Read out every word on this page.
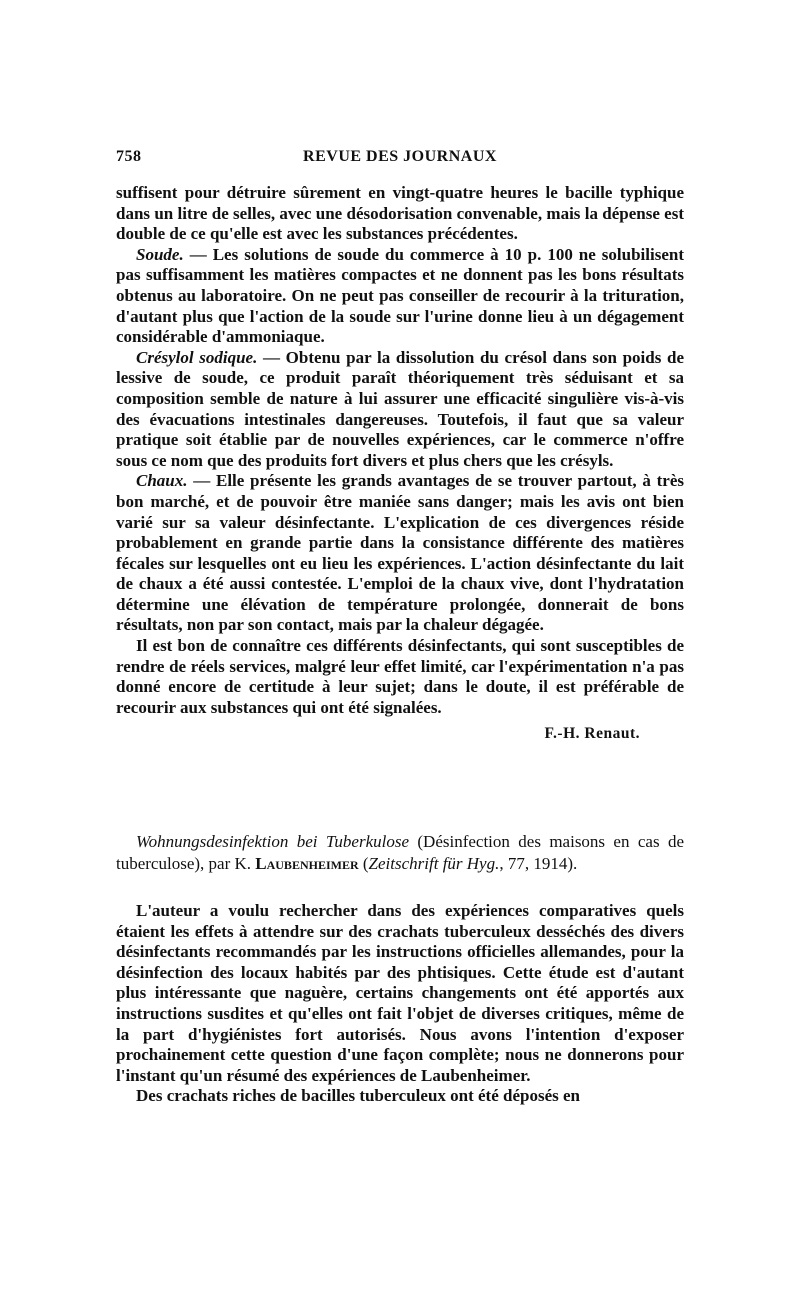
758	REVUE DES JOURNAUX

suffisent pour détruire sûrement en vingt-quatre heures le bacille typhique dans un litre de selles, avec une désodorisation convenable, mais la dépense est double de ce qu'elle est avec les substances précédentes.

Soude. — Les solutions de soude du commerce à 10 p. 100 ne solubilisent pas suffisamment les matières compactes et ne donnent pas les bons résultats obtenus au laboratoire. On ne peut pas conseiller de recourir à la trituration, d'autant plus que l'action de la soude sur l'urine donne lieu à un dégagement considérable d'ammoniaque.

Crésylol sodique. — Obtenu par la dissolution du crésol dans son poids de lessive de soude, ce produit paraît théoriquement très séduisant et sa composition semble de nature à lui assurer une efficacité singulière vis-à-vis des évacuations intestinales dangereuses. Toutefois, il faut que sa valeur pratique soit établie par de nouvelles expériences, car le commerce n'offre sous ce nom que des produits fort divers et plus chers que les crésyls.

Chaux. — Elle présente les grands avantages de se trouver partout, à très bon marché, et de pouvoir être maniée sans danger; mais les avis ont bien varié sur sa valeur désinfectante. L'explication de ces divergences réside probablement en grande partie dans la consistance différente des matières fécales sur lesquelles ont eu lieu les expériences. L'action désinfectante du lait de chaux a été aussi contestée. L'emploi de la chaux vive, dont l'hydratation détermine une élévation de température prolongée, donnerait de bons résultats, non par son contact, mais par la chaleur dégagée.

Il est bon de connaître ces différents désinfectants, qui sont susceptibles de rendre de réels services, malgré leur effet limité, car l'expérimentation n'a pas donné encore de certitude à leur sujet; dans le doute, il est préférable de recourir aux substances qui ont été signalées.

F.-H. Renaut.

Wohnungsdesinfektion bei Tuberkulose (Désinfection des maisons en cas de tuberculose), par K. Laubenheimer (Zeitschrift für Hyg., 77, 1914).

L'auteur a voulu rechercher dans des expériences comparatives quels étaient les effets à attendre sur des crachats tuberculeux desséchés des divers désinfectants recommandés par les instructions officielles allemandes, pour la désinfection des locaux habités par des phtisiques. Cette étude est d'autant plus intéressante que naguère, certains changements ont été apportés aux instructions susdites et qu'elles ont fait l'objet de diverses critiques, même de la part d'hygiénistes fort autorisés. Nous avons l'intention d'exposer prochainement cette question d'une façon complète; nous ne donnerons pour l'instant qu'un résumé des expériences de Laubenheimer.

Des crachats riches de bacilles tuberculeux ont été déposés en
